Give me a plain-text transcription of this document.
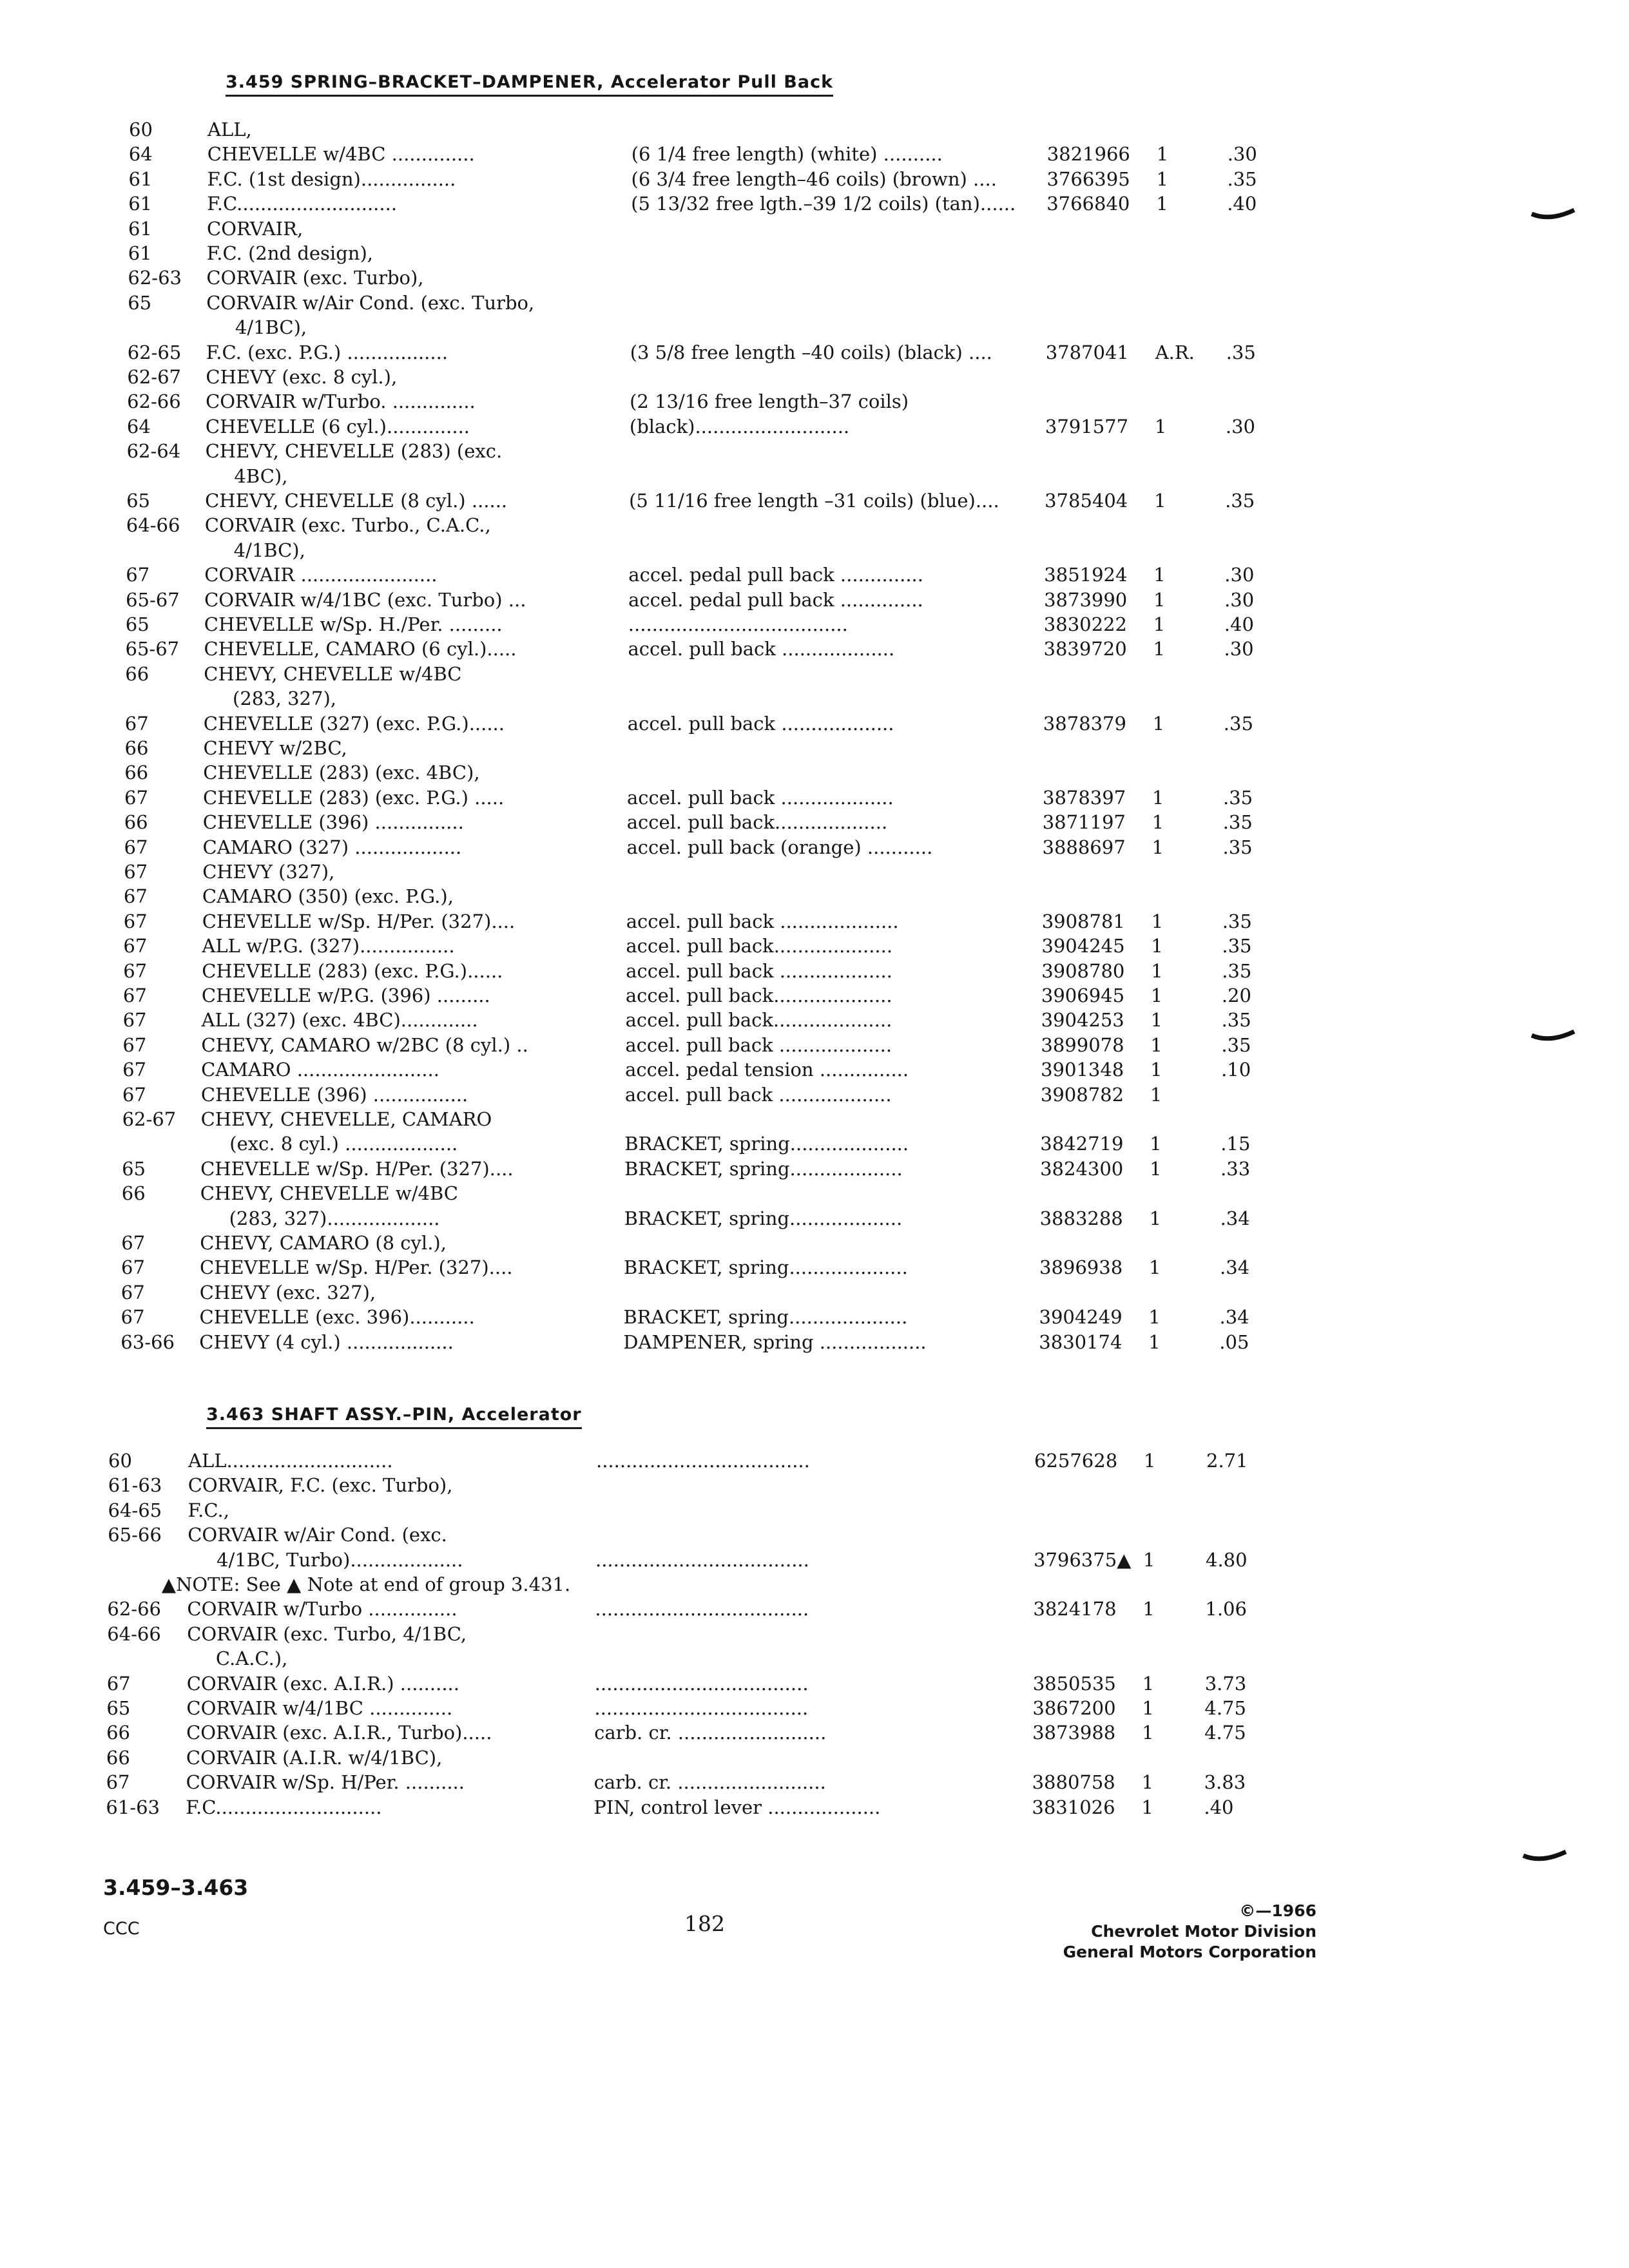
3.459 SPRING–BRACKET–DAMPENER, Accelerator Pull Back
60	ALL,
64	CHEVELLE w/4BC ..............	(6 1/4 free length) (white) ..........	3821966 1	.30
61	F.C. (1st design)................	(6 3/4 free length–46 coils) (brown) ....	3766395 1	.35
61	F.C...........................	(5 13/32 free lgth.–39 1/2 coils) (tan)...... 3766840 1	.40
61	CORVAIR,
61	F.C. (2nd design),
62-63 CORVAIR (exc. Turbo),
65	CORVAIR w/Air Cond. (exc. Turbo,
4/1BC),
62-65 F.C. (exc. P.G.) .................	(3 5/8 free length –40 coils) (black) ....	3787041 A.R. .35
62-67 CHEVY (exc. 8 cyl.),
62-66 CORVAIR w/Turbo. ..............	(2 13/16 free length–37 coils)
64	CHEVELLE (6 cyl.)..............	(black)..........................	3791577 1	.30
62-64 CHEVY, CHEVELLE (283) (exc.
4BC),
65	CHEVY, CHEVELLE (8 cyl.) ......	(5 11/16 free length –31 coils) (blue).... 3785404 1	.35
64-66 CORVAIR (exc. Turbo., C.A.C.,
4/1BC),
67	CORVAIR .......................	accel. pedal pull back ..............	3851924 1	.30
65-67 CORVAIR w/4/1BC (exc. Turbo) ...	accel. pedal pull back ..............	3873990 1	.30
65	CHEVELLE w/Sp. H./Per. .........	.....................................	3830222 1	.40
65-67 CHEVELLE, CAMARO (6 cyl.).....	accel. pull back ...................	3839720 1	.30
66	CHEVY, CHEVELLE w/4BC
(283, 327),
67	CHEVELLE (327) (exc. P.G.)......	accel. pull back ...................	3878379 1	.35
66	CHEVY w/2BC,
66	CHEVELLE (283) (exc. 4BC),
67	CHEVELLE (283) (exc. P.G.) .....	accel. pull back ...................	3878397 1	.35
66	CHEVELLE (396) ...............	accel. pull back...................	3871197 1	.35
67	CAMARO (327) ..................	accel. pull back (orange) ...........	3888697 1	.35
67	CHEVY (327),
67	CAMARO (350) (exc. P.G.),
67	CHEVELLE w/Sp. H/Per. (327)....	accel. pull back ....................	3908781 1	.35
67	ALL w/P.G. (327)................	accel. pull back....................	3904245 1	.35
67	CHEVELLE (283) (exc. P.G.)......	accel. pull back ...................	3908780 1	.35
67	CHEVELLE w/P.G. (396) .........	accel. pull back....................	3906945 1	.20
67	ALL (327) (exc. 4BC).............	accel. pull back....................	3904253 1	.35
67	CHEVY, CAMARO w/2BC (8 cyl.) ..	accel. pull back ...................	3899078 1	.35
67	CAMARO ........................	accel. pedal tension ...............	3901348 1	.10
67	CHEVELLE (396) ................	accel. pull back ...................	3908782 1
62-67 CHEVY, CHEVELLE, CAMARO
(exc. 8 cyl.) ...................	BRACKET, spring....................	3842719 1	.15
65	CHEVELLE w/Sp. H/Per. (327)....	BRACKET, spring...................	3824300 1	.33
66	CHEVY, CHEVELLE w/4BC
(283, 327)...................	BRACKET, spring...................	3883288 1	.34
67	CHEVY, CAMARO (8 cyl.),
67	CHEVELLE w/Sp. H/Per. (327)....	BRACKET, spring....................	3896938 1	.34
67	CHEVY (exc. 327),
67	CHEVELLE (exc. 396)...........	BRACKET, spring....................	3904249 1	.34
63-66 CHEVY (4 cyl.) ..................	DAMPENER, spring ..................	3830174 1	.05
3.463 SHAFT ASSY.–PIN, Accelerator
60	ALL............................	....................................	6257628 1	2.71
61-63 CORVAIR, F.C. (exc. Turbo),
64-65 F.C.,
65-66 CORVAIR w/Air Cond. (exc.
4/1BC, Turbo)...................	....................................	3796375▲ 1	4.80
▲NOTE: See ▲ Note at end of group 3.431.
62-66 CORVAIR w/Turbo ...............	....................................	3824178 1	1.06
64-66 CORVAIR (exc. Turbo, 4/1BC,
C.A.C.),
67	CORVAIR (exc. A.I.R.) ..........	....................................	3850535 1	3.73
65	CORVAIR w/4/1BC ..............	....................................	3867200 1	4.75
66	CORVAIR (exc. A.I.R., Turbo).....	carb. cr. .........................	3873988 1	4.75
66	CORVAIR (A.I.R. w/4/1BC),
67	CORVAIR w/Sp. H/Per. ..........	carb. cr. .........................	3880758 1	3.83
61-63 F.C............................	PIN, control lever ...................	3831026 1	.40
3.459–3.463
CCC	182
©—1966
Chevrolet Motor Division
General Motors Corporation
